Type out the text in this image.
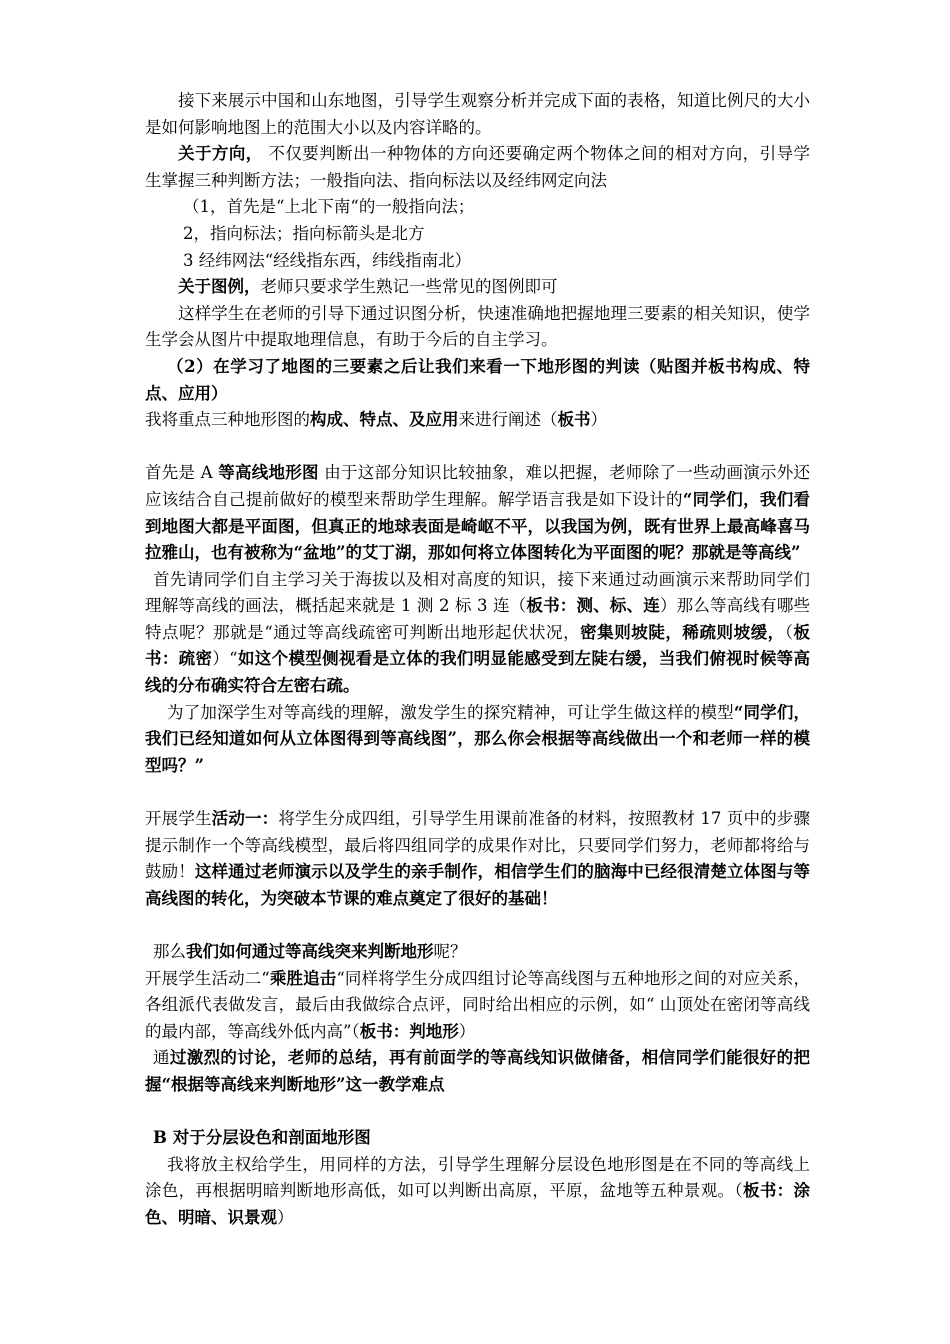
接下来展示中国和山东地图，引导学生观察分析并完成下面的表格，知道比例尺的大小是如何影响地图上的范围大小以及内容详略的。

关于方向， 不仅要判断出一种物体的方向还要确定两个物体之间的相对方向，引导学生掌握三种判断方法；一般指向法、指向标法以及经纬网定向法

（1，首先是“上北下南“的一般指向法；

2，指向标法；指向标箭头是北方

3 经纬网法“经线指东西，纬线指南北）

关于图例，老师只要求学生熟记一些常见的图例即可

这样学生在老师的引导下通过识图分析，快速准确地把握地理三要素的相关知识，使学生学会从图片中提取地理信息，有助于今后的自主学习。

（2）在学习了地图的三要素之后让我们来看一下地形图的判读（贴图并板书构成、特点、应用）

我将重点三种地形图的构成、特点、及应用来进行阐述（板书）

首先是 A 等高线地形图 由于这部分知识比较抽象，难以把握，老师除了一些动画演示外还应该结合自己提前做好的模型来帮助学生理解。解学语言我是如下设计的“同学们，我们看到地图大都是平面图，但真正的地球表面是崎岖不平，以我国为例，既有世界上最高峰喜马拉雅山，也有被称为“盆地”的艾丁湖，那如何将立体图转化为平面图的呢？那就是等高线”

首先请同学们自主学习关于海拔以及相对高度的知识，接下来通过动画演示来帮助同学们理解等高线的画法，概括起来就是 1 测 2 标 3 连（板书：测、标、连）那么等高线有哪些特点呢？那就是“通过等高线疏密可判断出地形起伏状况，密集则坡陡，稀疏则坡缓，（板书：疏密）“如这个模型侧视看是立体的我们明显能感受到左陡右缓，当我们俯视时候等高线的分布确实符合左密右疏。

为了加深学生对等高线的理解，激发学生的探究精神，可让学生做这样的模型“同学们，我们已经知道如何从立体图得到等高线图”，那么你会根据等高线做出一个和老师一样的模型吗？”

开展学生活动一：将学生分成四组，引导学生用课前准备的材料，按照教材 17 页中的步骤提示制作一个等高线模型，最后将四组同学的成果作对比，只要同学们努力，老师都将给与鼓励！这样通过老师演示以及学生的亲手制作，相信学生们的脑海中已经很清楚立体图与等高线图的转化，为突破本节课的难点奠定了很好的基础！

那么我们如何通过等高线突来判断地形呢？

开展学生活动二“乘胜追击“同样将学生分成四组讨论等高线图与五种地形之间的对应关系，各组派代表做发言，最后由我做综合点评，同时给出相应的示例，如“ 山顶处在密闭等高线的最内部，等高线外低内高”（板书：判地形）

通过激烈的讨论，老师的总结，再有前面学的等高线知识做储备，相信同学们能很好的把握“根据等高线来判断地形”这一教学难点

B 对于分层设色和剖面地形图

我将放主权给学生，用同样的方法，引导学生理解分层设色地形图是在不同的等高线上涂色，再根据明暗判断地形高低，如可以判断出高原，平原，盆地等五种景观。（板书：涂色、明暗、识景观）
